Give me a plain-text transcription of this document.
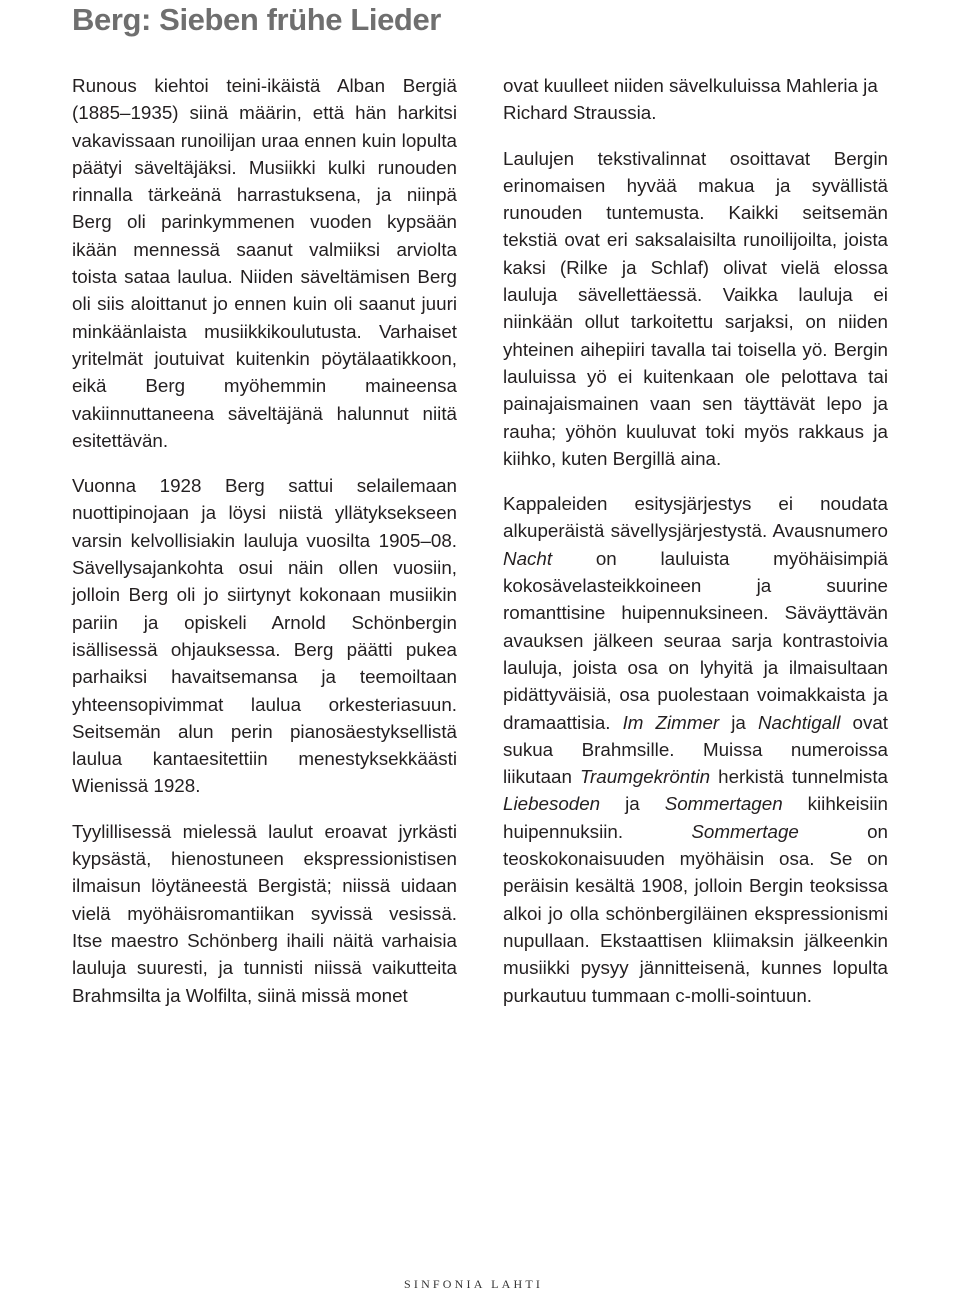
Berg: Sieben frühe Lieder

Runous kiehtoi teini-ikäistä Alban Bergiä (1885–1935) siinä määrin, että hän harkitsi vakavissaan runoilijan uraa ennen kuin lopulta päätyi säveltäjäksi. Musiikki kulki runouden rinnalla tärkeänä harrastuksena, ja niinpä Berg oli parinkymmenen vuoden kypsään ikään mennessä saanut valmiiksi arviolta toista sataa laulua. Niiden säveltämisen Berg oli siis aloittanut jo ennen kuin oli saanut juuri minkäänlaista musiikkikoulutusta. Varhaiset yritelmät joutuivat kuitenkin pöytälaatikkoon, eikä Berg myöhemmin maineensa vakiinnuttaneena säveltäjänä halunnut niitä esitettävän.

Vuonna 1928 Berg sattui selailemaan nuottipinojaan ja löysi niistä yllätyksekseen varsin kelvollisiakin lauluja vuosilta 1905–08. Sävellysajankohta osui näin ollen vuosiin, jolloin Berg oli jo siirtynyt kokonaan musiikin pariin ja opiskeli Arnold Schönbergin isällisessä ohjauksessa. Berg päätti pukea parhaiksi havaitsemansa ja teemoiltaan yhteensopivimmat laulua orkesteriasuun. Seitsemän alun perin pianosäestyksellistä laulua kantaesitettiin menestyksekkäästi Wienissä 1928.

Tyylillisessä mielessä laulut eroavat jyrkästi kypsästä, hienostuneen ekspressionistisen ilmaisun löytäneestä Bergistä; niissä uidaan vielä myöhäisromantiikan syvissä vesissä. Itse maestro Schönberg ihaili näitä varhaisia lauluja suuresti, ja tunnisti niissä vaikutteita Brahmsilta ja Wolfilta, siinä missä monet

ovat kuulleet niiden sävelkuluissa Mahleria ja Richard Straussia.

Laulujen tekstivalinnat osoittavat Bergin erinomaisen hyvää makua ja syvällistä runouden tuntemusta. Kaikki seitsemän tekstiä ovat eri saksalaisilta runoilijoilta, joista kaksi (Rilke ja Schlaf) olivat vielä elossa lauluja sävellettäessä. Vaikka lauluja ei niinkään ollut tarkoitettu sarjaksi, on niiden yhteinen aihepiiri tavalla tai toisella yö. Bergin lauluissa yö ei kuitenkaan ole pelottava tai painajaismainen vaan sen täyttävät lepo ja rauha; yöhön kuuluvat toki myös rakkaus ja kiihko, kuten Bergillä aina.

Kappaleiden esitysjärjestys ei noudata alkuperäistä sävellysjärjestystä. Avausnumero Nacht on lauluista myöhäisimpiä kokosävelasteikkoineen ja suurine romanttisine huipennuksineen. Säväyttävän avauksen jälkeen seuraa sarja kontrastoivia lauluja, joista osa on lyhyitä ja ilmaisultaan pidättyväisiä, osa puolestaan voimakkaista ja dramaattisia. Im Zimmer ja Nachtigall ovat sukua Brahmsille. Muissa numeroissa liikutaan Traumgekröntin herkistä tunnelmista Liebesoden ja Sommertagen kiihkeisiin huipennuksiin. Sommertage on teoskokonaisuuden myöhäisin osa. Se on peräisin kesältä 1908, jolloin Bergin teoksissa alkoi jo olla schönbergiläinen ekspressionismi nupullaan. Ekstaattisen kliimaksin jälkeenkin musiikki pysyy jännitteisenä, kunnes lopulta purkautuu tummaan c-molli-sointuun.

SINFONIA LAHTI
